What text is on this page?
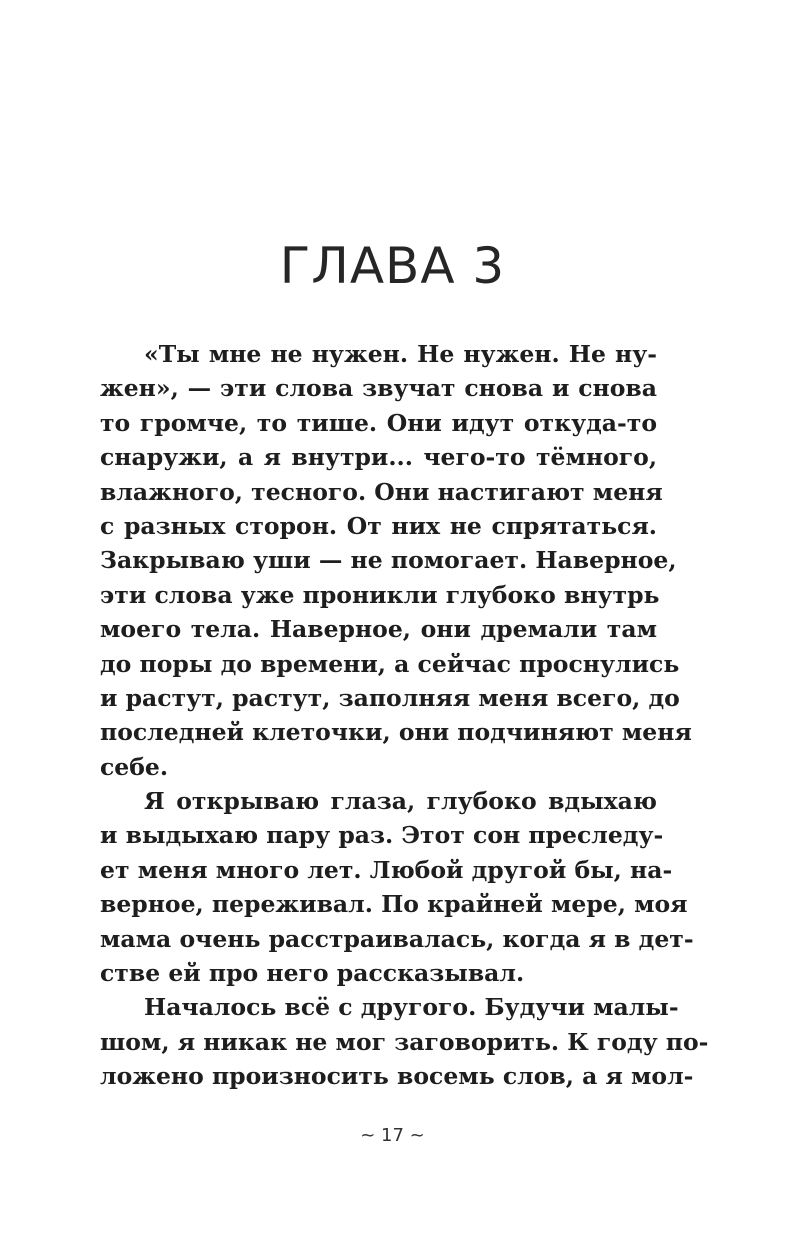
ГЛАВА 3
«Ты мне не нужен. Не нужен. Не ну-
жен», — эти слова звучат снова и снова
то громче, то тише. Они идут откуда-то
снаружи, а я внутри... чего-то тёмного,
влажного, тесного. Они настигают меня
с разных сторон. От них не спрятаться.
Закрываю уши — не помогает. Наверное,
эти слова уже проникли глубоко внутрь
моего тела. Наверное, они дремали там
до поры до времени, а сейчас проснулись
и растут, растут, заполняя меня всего, до
последней клеточки, они подчиняют меня
себе.
Я открываю глаза, глубоко вдыхаю
и выдыхаю пару раз. Этот сон преследу-
ет меня много лет. Любой другой бы, на-
верное, переживал. По крайней мере, моя
мама очень расстраивалась, когда я в дет-
стве ей про него рассказывал.
Началось всё с другого. Будучи малы-
шом, я никак не мог заговорить. К году по-
ложено произносить восемь слов, а я мол-
~ 17 ~
